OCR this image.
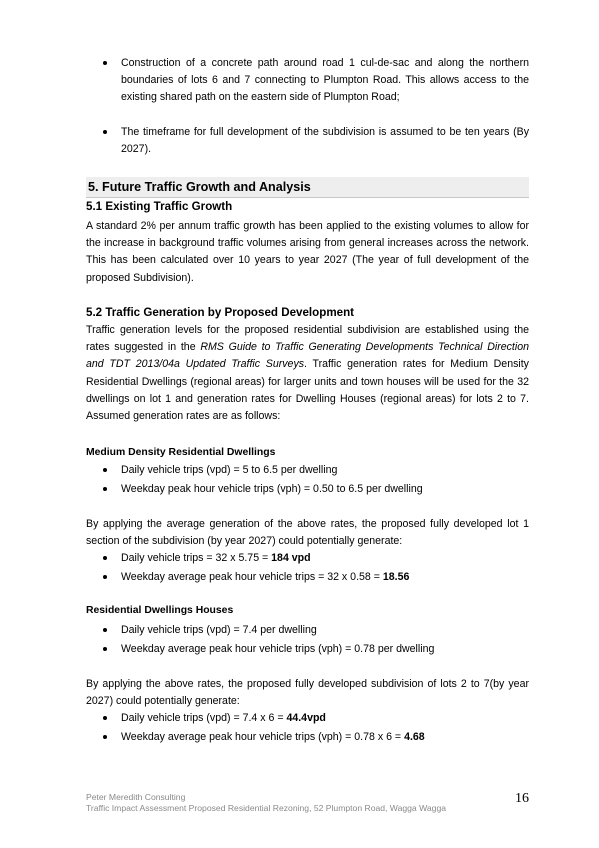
Construction of a concrete path around road 1 cul-de-sac and along the northern boundaries of lots 6 and 7 connecting to Plumpton Road. This allows access to the existing shared path on the eastern side of Plumpton Road;
The timeframe for full development of the subdivision is assumed to be ten years (By 2027).
5. Future Traffic Growth and Analysis
5.1 Existing Traffic Growth

A standard 2% per annum traffic growth has been applied to the existing volumes to allow for the increase in background traffic volumes arising from general increases across the network. This has been calculated over 10 years to year 2027 (The year of full development of the proposed Subdivision).

5.2 Traffic Generation by Proposed Development

Traffic generation levels for the proposed residential subdivision are established using the rates suggested in the RMS Guide to Traffic Generating Developments Technical Direction and TDT 2013/04a Updated Traffic Surveys. Traffic generation rates for Medium Density Residential Dwellings (regional areas) for larger units and town houses will be used for the 32 dwellings on lot 1 and generation rates for Dwelling Houses (regional areas) for lots 2 to 7. Assumed generation rates are as follows:

Medium Density Residential Dwellings
Daily vehicle trips (vpd) = 5 to 6.5 per dwelling
Weekday peak hour vehicle trips (vph) = 0.50 to 6.5 per dwelling

By applying the average generation of the above rates, the proposed fully developed lot 1 section of the subdivision (by year 2027) could potentially generate:

Daily vehicle trips = 32 x 5.75 = 184 vpd
Weekday average peak hour vehicle trips = 32 x 0.58 = 18.56
Residential Dwellings Houses
Daily vehicle trips (vpd) = 7.4 per dwelling
Weekday average peak hour vehicle trips (vph) = 0.78 per dwelling

By applying the above rates, the proposed fully developed subdivision of lots 2 to 7(by year 2027) could potentially generate:

Daily vehicle trips (vpd) = 7.4 x 6 = 44.4vpd
Weekday average peak hour vehicle trips (vph) = 0.78 x 6 = 4.68
Peter Meredith Consulting
Traffic Impact Assessment Proposed Residential Rezoning, 52 Plumpton Road, Wagga Wagga
16
